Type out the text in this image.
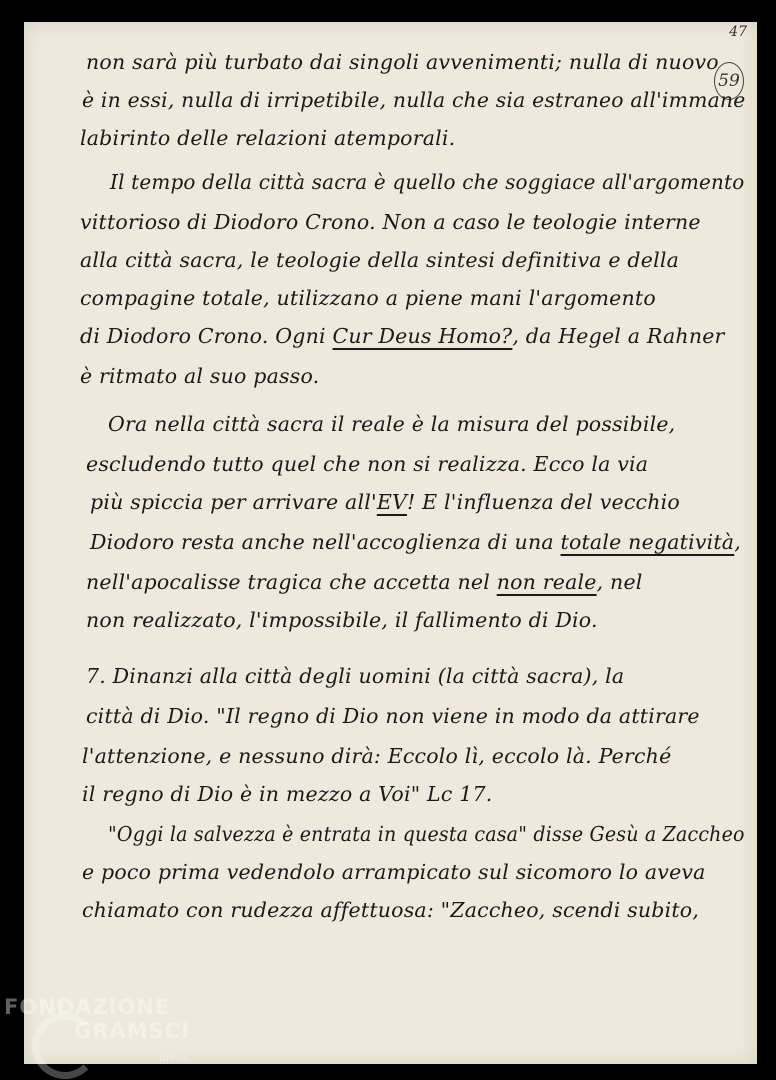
47
59
non sarà più turbato dai singoli avvenimenti; nulla di nuovo
è in essi, nulla di irripetibile, nulla che sia estraneo all'immane
labirinto delle relazioni atemporali.
Il tempo della città sacra è quello che soggiace all'argomento
vittorioso di Diodoro Crono. Non a caso le teologie interne
alla città sacra, le teologie della sintesi definitiva e della
compagine totale, utilizzano a piene mani l'argomento
di Diodoro Crono. Ogni Cur Deus Homo?, da Hegel a Rahner
è ritmato al suo passo.
Ora nella città sacra il reale è la misura del possibile,
escludendo tutto quel che non si realizza. Ecco la via
più spiccia per arrivare all'EV! E l'influenza del vecchio
Diodoro resta anche nell'accoglienza di una totale negatività,
nell'apocalisse tragica che accetta nel non reale, nel
non realizzato, l'impossibile, il fallimento di Dio.
7. Dinanzi alla città degli uomini (la città sacra), la
città di Dio. "Il regno di Dio non viene in modo da attirare
l'attenzione, e nessuno dirà: Eccolo lì, eccolo là. Perché
il regno di Dio è in mezzo a Voi" Lc 17.
"Oggi la salvezza è entrata in questa casa" disse Gesù a Zaccheo
e poco prima vedendolo arrampicato sul sicomoro lo aveva
chiamato con rudezza affettuosa: "Zaccheo, scendi subito,
FONDAZIONE
GRAMSCI
onlus
